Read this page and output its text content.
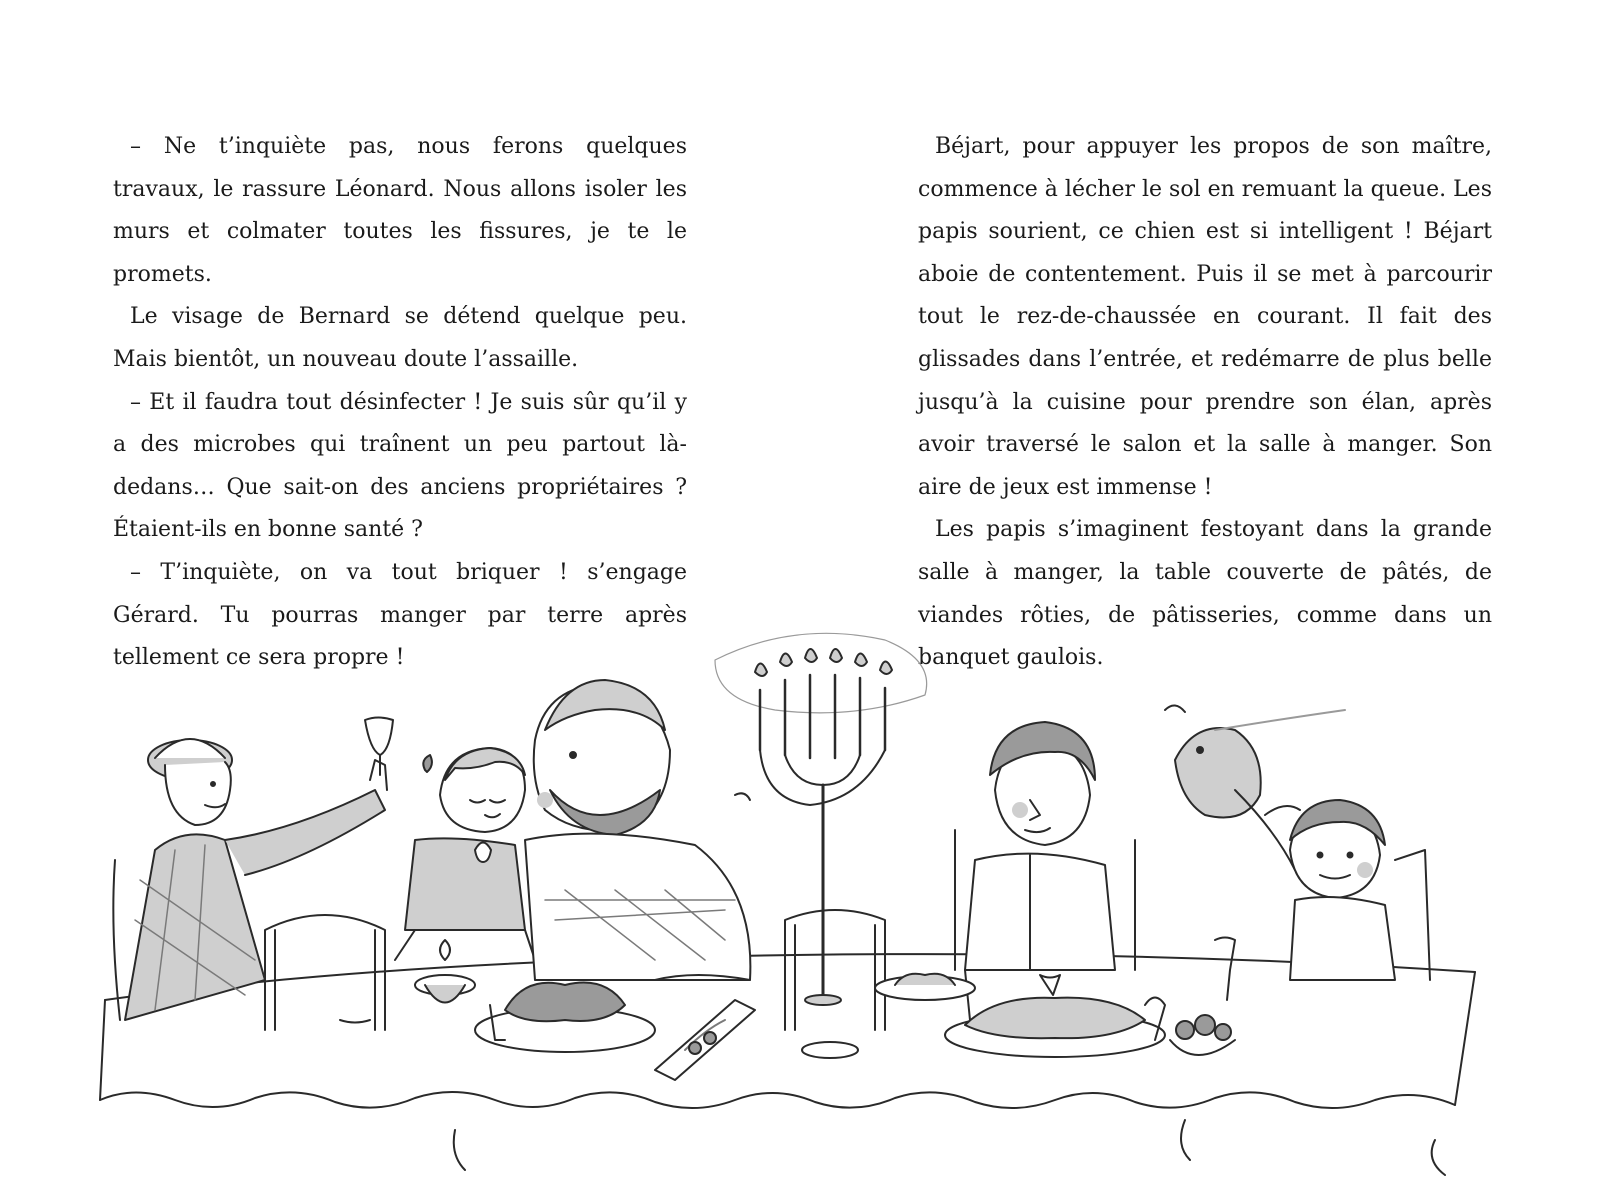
– Ne t’inquiète pas, nous ferons quelques travaux, le rassure Léonard. Nous allons isoler les murs et colmater toutes les fissures, je te le promets.

Le visage de Bernard se détend quelque peu. Mais bientôt, un nouveau doute l’assaille.

– Et il faudra tout désinfecter ! Je suis sûr qu’il y a des microbes qui traînent un peu partout là-dedans… Que sait-on des anciens propriétaires ? Étaient-ils en bonne santé ?

– T’inquiète, on va tout briquer ! s’engage Gérard. Tu pourras manger par terre après tellement ce sera propre !

Béjart, pour appuyer les propos de son maître, commence à lécher le sol en remuant la queue. Les papis sourient, ce chien est si intelligent ! Béjart aboie de contentement. Puis il se met à parcourir tout le rez-de-chaussée en courant. Il fait des glissades dans l’entrée, et redémarre de plus belle jusqu’à la cuisine pour prendre son élan, après avoir traversé le salon et la salle à manger. Son aire de jeux est immense !

Les papis s’imaginent festoyant dans la grande salle à manger, la table couverte de pâtés, de viandes rôties, de pâtisseries, comme dans un banquet gaulois.
